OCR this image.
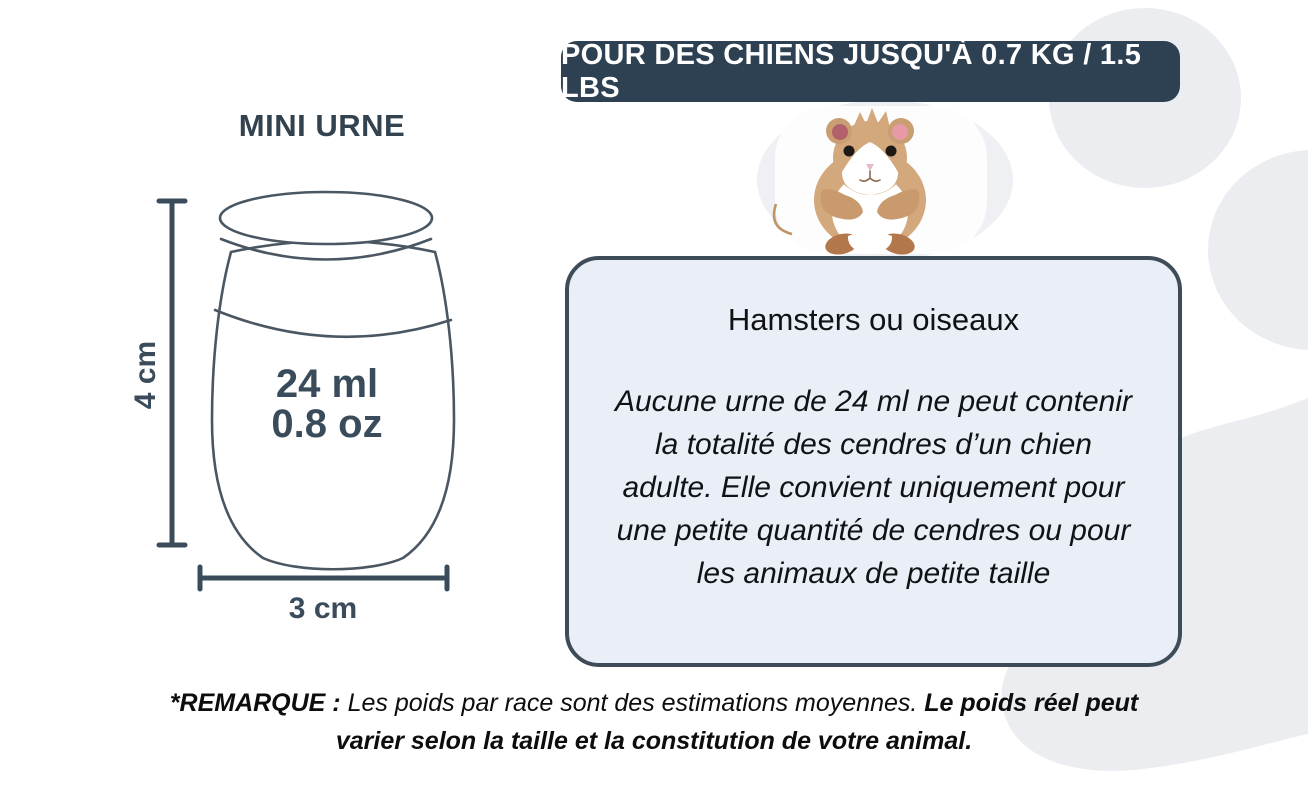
POUR DES CHIENS JUSQU'À 0.7 KG / 1.5 LBS
MINI URNE
4 cm	24 ml
0.8 oz
3 cm
Hamsters ou oiseaux
Aucune urne de 24 ml ne peut contenir la totalité des cendres d’un chien adulte. Elle convient uniquement pour une petite quantité de cendres ou pour les animaux de petite taille
*REMARQUE : Les poids par race sont des estimations moyennes. Le poids réel peut varier selon la taille et la constitution de votre animal.
